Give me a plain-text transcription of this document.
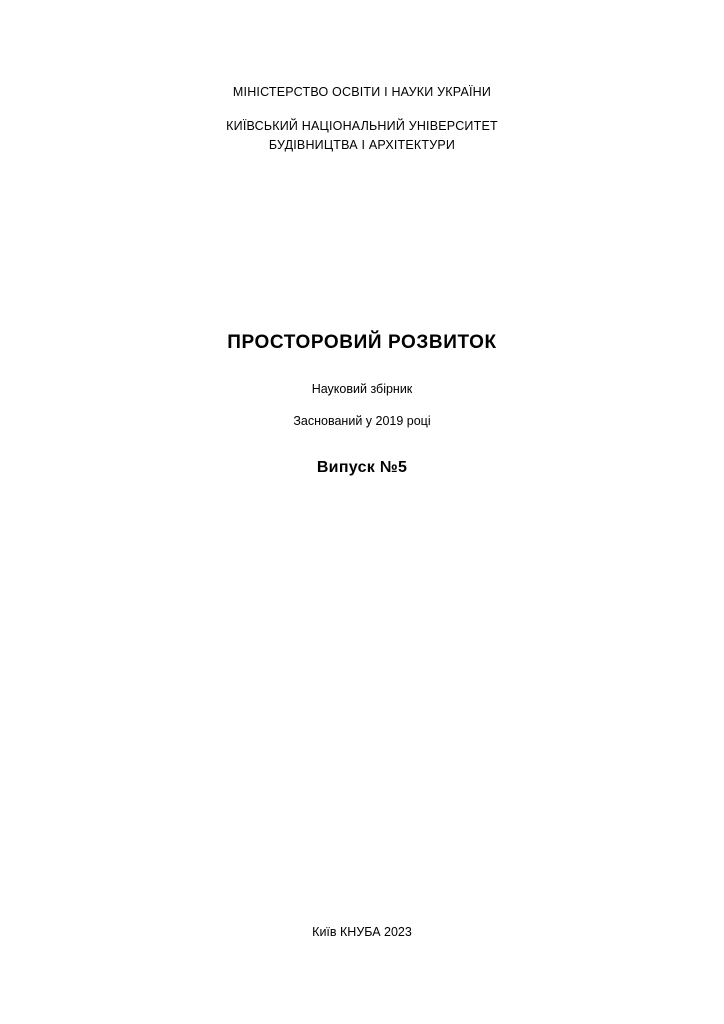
МІНІСТЕРСТВО ОСВІТИ І НАУКИ УКРАЇНИ
КИЇВСЬКИЙ НАЦІОНАЛЬНИЙ УНІВЕРСИТЕТ
БУДІВНИЦТВА І АРХІТЕКТУРИ
ПРОСТОРОВИЙ РОЗВИТОК
Науковий збірник
Заснований у 2019 році
Випуск №5
Київ КНУБА 2023
